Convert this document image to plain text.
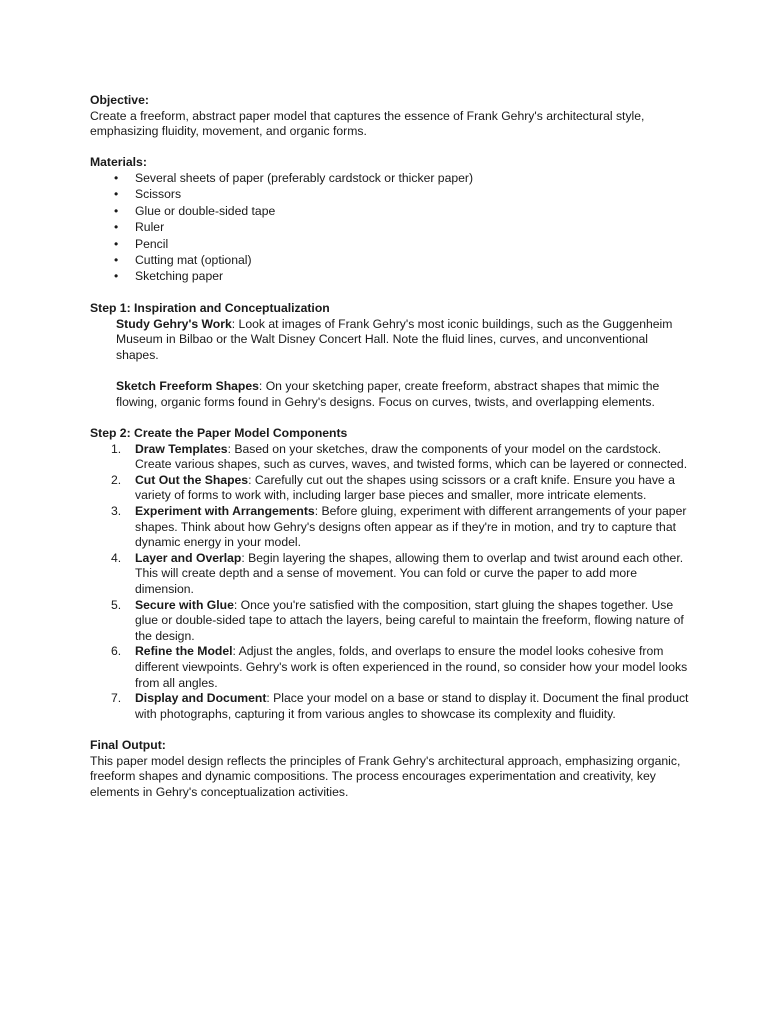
Objective:

Create a freeform, abstract paper model that captures the essence of Frank Gehry's architectural style, emphasizing fluidity, movement, and organic forms.

Materials:
• Several sheets of paper (preferably cardstock or thicker paper)
• Scissors
• Glue or double-sided tape
• Ruler
• Pencil
• Cutting mat (optional)
• Sketching paper
Step 1: Inspiration and Conceptualization

Study Gehry's Work: Look at images of Frank Gehry's most iconic buildings, such as the Guggenheim Museum in Bilbao or the Walt Disney Concert Hall. Note the fluid lines, curves, and unconventional shapes.

Sketch Freeform Shapes: On your sketching paper, create freeform, abstract shapes that mimic the flowing, organic forms found in Gehry's designs. Focus on curves, twists, and overlapping elements.

Step 2: Create the Paper Model Components
1. Draw Templates: Based on your sketches, draw the components of your model on the cardstock. Create various shapes, such as curves, waves, and twisted forms, which can be layered or connected.
2. Cut Out the Shapes: Carefully cut out the shapes using scissors or a craft knife. Ensure you have a variety of forms to work with, including larger base pieces and smaller, more intricate elements.
3. Experiment with Arrangements: Before gluing, experiment with different arrangements of your paper shapes. Think about how Gehry's designs often appear as if they're in motion, and try to capture that dynamic energy in your model.
4. Layer and Overlap: Begin layering the shapes, allowing them to overlap and twist around each other. This will create depth and a sense of movement. You can fold or curve the paper to add more dimension.
5. Secure with Glue: Once you're satisfied with the composition, start gluing the shapes together. Use glue or double-sided tape to attach the layers, being careful to maintain the freeform, flowing nature of the design.
6. Refine the Model: Adjust the angles, folds, and overlaps to ensure the model looks cohesive from different viewpoints. Gehry's work is often experienced in the round, so consider how your model looks from all angles.
7. Display and Document: Place your model on a base or stand to display it. Document the final product with photographs, capturing it from various angles to showcase its complexity and fluidity.
Final Output:

This paper model design reflects the principles of Frank Gehry's architectural approach, emphasizing organic, freeform shapes and dynamic compositions. The process encourages experimentation and creativity, key elements in Gehry's conceptualization activities.
